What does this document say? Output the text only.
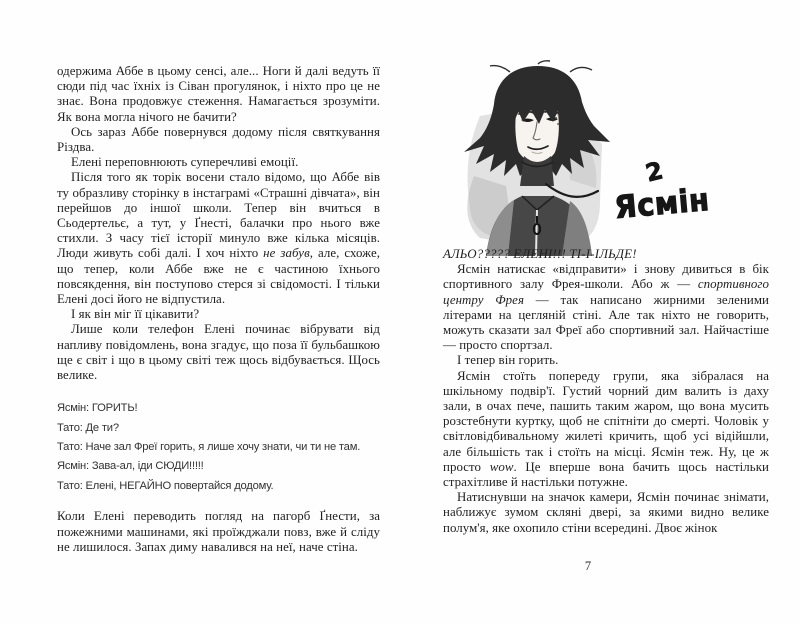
одержима Аббе в цьому сенсі, але... Ноги й далі ведуть її сюди під час їхніх із Сіван прогулянок, і ніхто про це не знає. Вона продовжує стеження. Намагається зрозуміти. Як вона могла нічого не бачити?

Ось зараз Аббе повернувся додому після святкування Різдва.

Елені переповнюють суперечливі емоції.

Після того як торік восени стало відомо, що Аббе вів ту образливу сторінку в інстаграмі «Страшні дівчата», він перейшов до іншої школи. Тепер він вчиться в Сьодертельє, а тут, у Ґнесті, балачки про нього вже стихли. З часу тієї історії минуло вже кілька місяців. Люди живуть собі далі. І хоч ніхто не забув, але, схоже, що тепер, коли Аббе вже не є частиною їхнього повсякдення, він поступово стерся зі свідомості. І тільки Елені досі його не відпустила.

І як він міг її цікавити?

Лише коли телефон Елені починає вібрувати від напливу повідомлень, вона згадує, що поза її бульбашкою ще є світ і що в цьому світі теж щось відбувається. Щось велике.

Ясмін: ГОРИТЬ!

Тато: Де ти?

Тато: Наче зал Фреї горить, я лише хочу знати, чи ти не там.

Ясмін: Зава-ал, іди СЮДИ!!!!!

Тато: Елені, НЕГАЙНО повертайся додому.

Коли Елені переводить погляд на пагорб Ґнести, за пожежними машинами, які проїжджали повз, вже й сліду не лишилося. Запах диму навалився на неї, наче стіна.

2
Ясмін

АЛЬО????? ЕЛЕНІ!!! ТІ-І-ІЛЬДЕ!

Ясмін натискає «відправити» і знову дивиться в бік спортивного залу Фрея-школи. Або ж — спортивного центру Фрея — так написано жирними зеленими літерами на цегляній стіні. Але так ніхто не говорить, можуть сказати зал Фреї або спортивний зал. Найчастіше — просто спортзал.

І тепер він горить.

Ясмін стоїть попереду групи, яка зібралася на шкільному подвір'ї. Густий чорний дим валить із даху зали, в очах пече, пашить таким жаром, що вона мусить розстебнути куртку, щоб не спітніти до смерті. Чоловік у світловідбивальному жилеті кричить, щоб усі відійшли, але більшість так і стоїть на місці. Ясмін теж. Ну, це ж просто wow. Це вперше вона бачить щось настільки страхітливе й настільки потужне.

Натиснувши на значок камери, Ясмін починає знімати, наближує зумом скляні двері, за якими видно велике полум'я, яке охопило стіни всередині. Двоє жінок

7
